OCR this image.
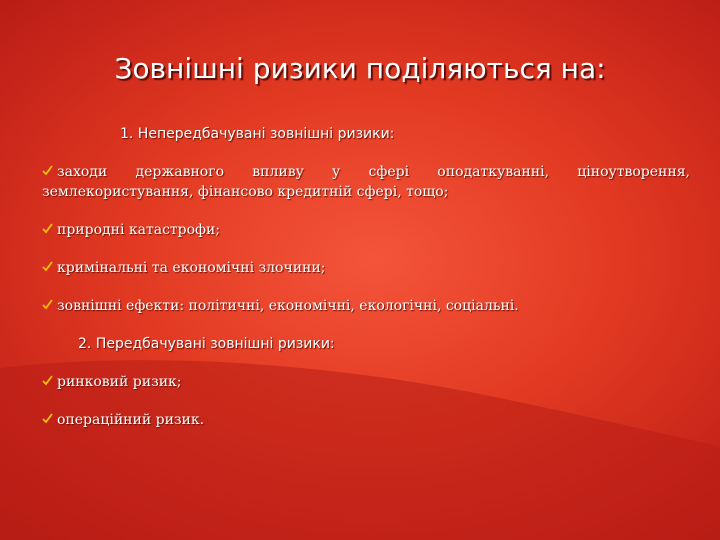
Зовнішні ризики поділяються на:

1. Непередбачувані зовнішні ризики:

заходи державного впливу у сфері оподаткуванні, ціноутворення,
землекористування, фінансово кредитній сфері, тощо;

природні катастрофи;

кримінальні та економічні злочини;

зовнішні ефекти: політичні, економічні, екологічні, соціальні.

2. Передбачувані зовнішні ризики:

ринковий ризик;

операційний ризик.
